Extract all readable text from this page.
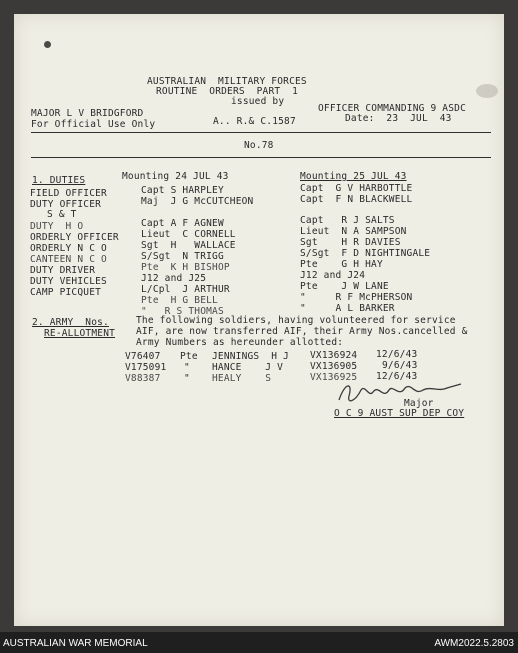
AUSTRALIAN  MILITARY FORCES
ROUTINE  ORDERS  PART  1
issued by
MAJOR L V BRIDGFORD
For Official Use Only	A.. R.& C.1587
OFFICER COMMANDING 9 ASDC
Date:  23  JUL  43
No.78
1. DUTIES	Mounting 24 JUL 43	Mounting 25 JUL 43
FIELD OFFICER	Capt S HARPLEY	Capt  G V HARBOTTLE
DUTY OFFICER	Maj  J G McCUTCHEON	Capt  F N BLACKWELL
S & T
DUTY  H O	Capt A F AGNEW	Capt   R J SALTS
ORDERLY OFFICER Lieut  C CORNELL	Lieut  N A SAMPSON
ORDERLY N C O	Sgt  H   WALLACE	Sgt    H R DAVIES
CANTEEN N C O	S/Sgt  N TRIGG	S/Sgt  F D NIGHTINGALE
DUTY DRIVER	Pte  K H BISHOP	Pte    G H HAY
DUTY VEHICLES	J12 and J25	J12 and J24
CAMP PICQUET	L/Cpl  J ARTHUR	Pte    J W LANE
Pte  H G BELL	"     R F McPHERSON
"   R S THOMAS	"     A L BARKER
2. ARMY  Nos.
RE-ALLOTMENT
The following soldiers, having volunteered for service
AIF, are now transferred AIF, their Army Nos.cancelled &
Army Numbers as hereunder allotted:
V76407 Pte JENNINGS  H J VX136924 12/6/43
V175091 " HANCE    J V	VX136905	9/6/43
V88387 " HEALY    S	VX136925 12/6/43
Major
O C 9 AUST SUP DEP COY
AUSTRALIAN WAR MEMORIAL	AWM2022.5.2803
